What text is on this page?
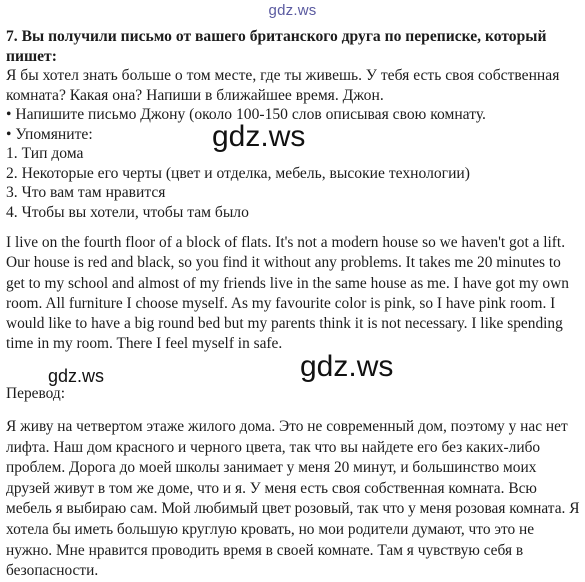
gdz.ws

7. Вы получили письмо от вашего британского друга по переписке, который пишет:

Я бы хотел знать больше о том месте, где ты живешь. У тебя есть своя собственная комната? Какая она? Напиши в ближайшее время. Джон.

• Напишите письмо Джону (около 100-150 слов описывая свою комнату.

• Упомяните:

1. Тип дома
2. Некоторые его черты (цвет и отделка, мебель, высокие технологии)
3. Что вам там нравится
4. Чтобы вы хотели, чтобы там было
gdz.ws

I live on the fourth floor of a block of flats. It's not a modern house so we haven't got a lift. Our house is red and black, so you find it without any problems. It takes me 20 minutes to get to my school and almost of my friends live in the same house as me. I have got my own room. All furniture I choose myself. As my favourite color is pink, so I have pink room. I would like to have a big round bed but my parents think it is not necessary. I like spending time in my room. There I feel myself in safe.

gdz.ws
gdz.ws
Перевод:
Я живу на четвертом этаже жилого дома. Это не современный дом, поэтому у нас нет лифта. Наш дом красного и черного цвета, так что вы найдете его без каких-либо проблем. Дорога до моей школы занимает у меня 20 минут, и большинство моих друзей живут в том же доме, что и я. У меня есть своя собственная комната. Всю мебель я выбираю сам. Мой любимый цвет розовый, так что у меня розовая комната. Я хотела бы иметь большую круглую кровать, но мои родители думают, что это не нужно. Мне нравится проводить время в своей комнате. Там я чувствую себя в безопасности.
